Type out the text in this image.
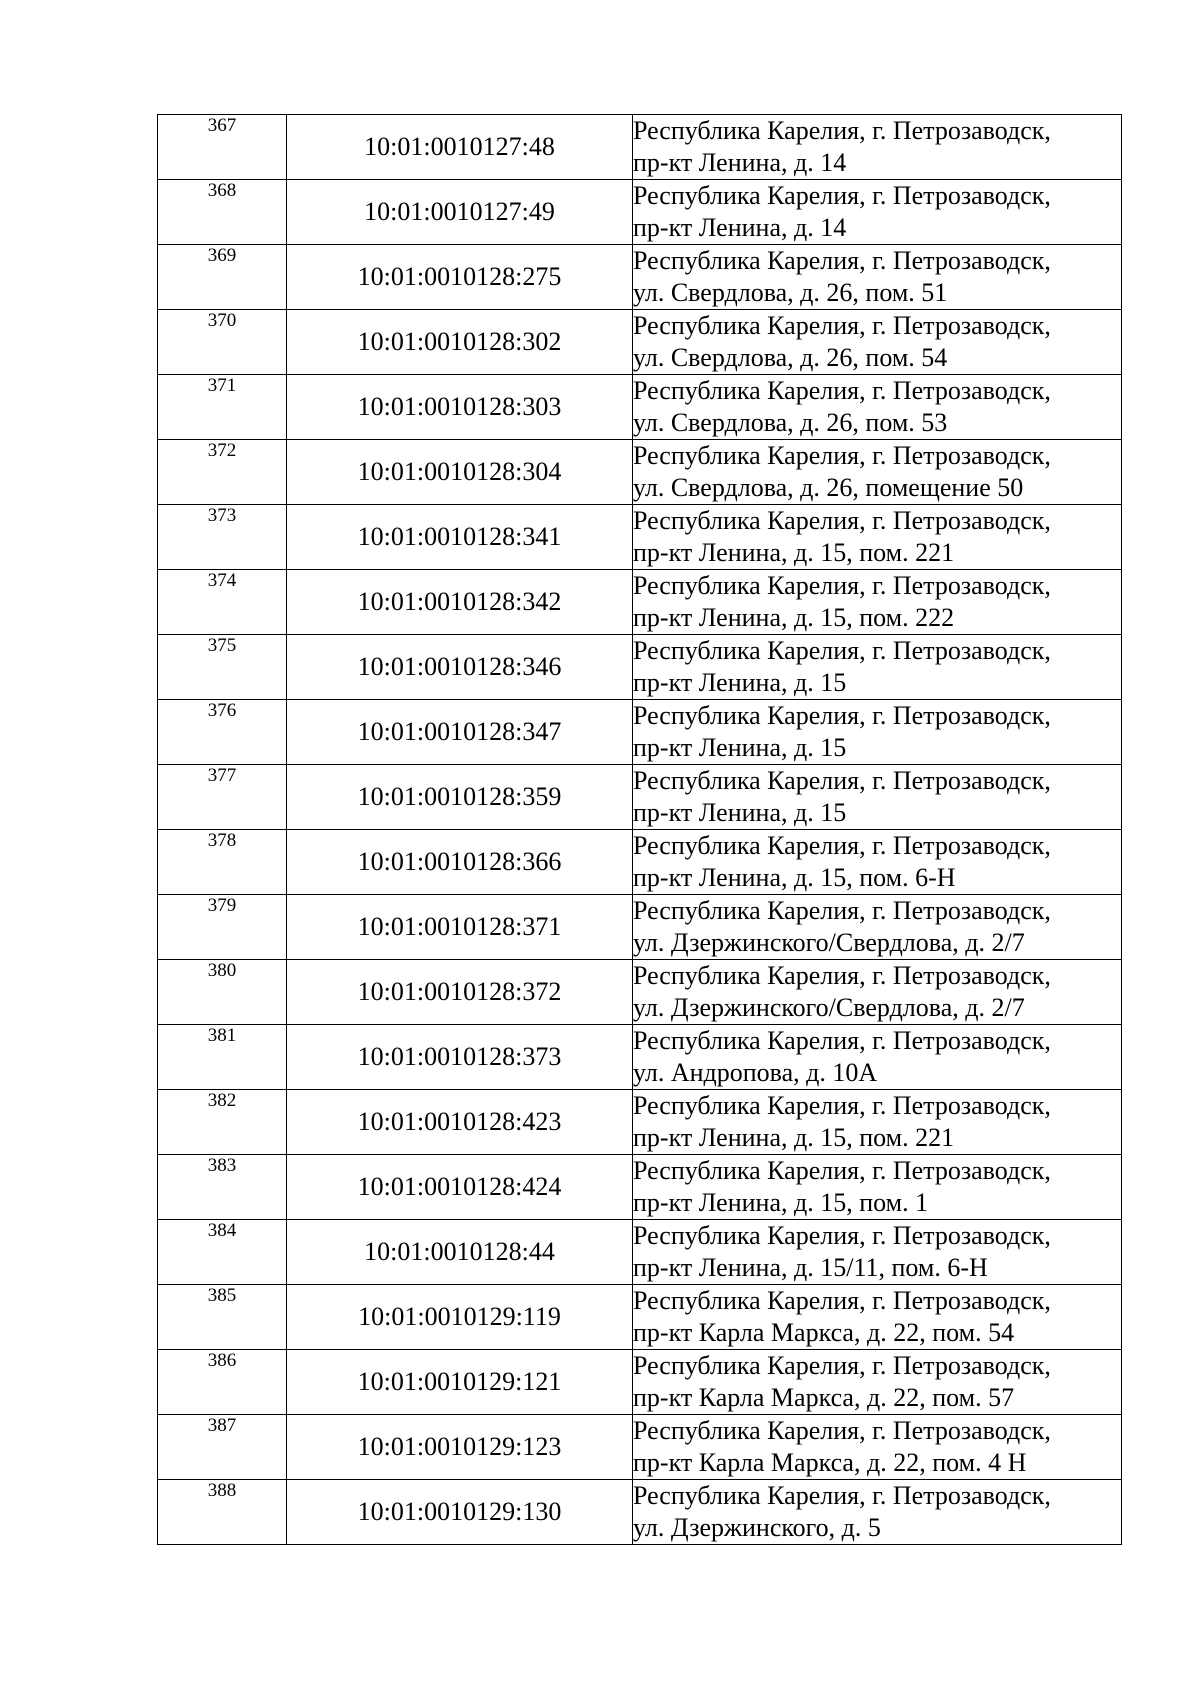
367	10:01:0010127:48	Республика Карелия, г. Петрозаводск,
пр-кт Ленина, д. 14

368	10:01:0010127:49	Республика Карелия, г. Петрозаводск,
пр-кт Ленина, д. 14

369	10:01:0010128:275	Республика Карелия, г. Петрозаводск,
ул. Свердлова, д. 26, пом. 51

370	10:01:0010128:302	Республика Карелия, г. Петрозаводск,
ул. Свердлова, д. 26, пом. 54

371	10:01:0010128:303	Республика Карелия, г. Петрозаводск,
ул. Свердлова, д. 26, пом. 53

372	10:01:0010128:304	Республика Карелия, г. Петрозаводск,
ул. Свердлова, д. 26, помещение 50

373	10:01:0010128:341	Республика Карелия, г. Петрозаводск,
пр-кт Ленина, д. 15, пом. 221

374	10:01:0010128:342	Республика Карелия, г. Петрозаводск,
пр-кт Ленина, д. 15, пом. 222

375	10:01:0010128:346	Республика Карелия, г. Петрозаводск,
пр-кт Ленина, д. 15

376	10:01:0010128:347	Республика Карелия, г. Петрозаводск,
пр-кт Ленина, д. 15

377	10:01:0010128:359	Республика Карелия, г. Петрозаводск,
пр-кт Ленина, д. 15

378	10:01:0010128:366	Республика Карелия, г. Петрозаводск,
пр-кт Ленина, д. 15, пом. 6-Н

379	10:01:0010128:371	Республика Карелия, г. Петрозаводск,
ул. Дзержинского/Свердлова, д. 2/7

380	10:01:0010128:372	Республика Карелия, г. Петрозаводск,
ул. Дзержинского/Свердлова, д. 2/7

381	10:01:0010128:373	Республика Карелия, г. Петрозаводск,
ул. Андропова, д. 10А

382	10:01:0010128:423	Республика Карелия, г. Петрозаводск,
пр-кт Ленина, д. 15, пом. 221

383	10:01:0010128:424	Республика Карелия, г. Петрозаводск,
пр-кт Ленина, д. 15, пом. 1

384	10:01:0010128:44	Республика Карелия, г. Петрозаводск,
пр-кт Ленина, д. 15/11, пом. 6-Н

385	10:01:0010129:119	Республика Карелия, г. Петрозаводск,
пр-кт Карла Маркса, д. 22, пом. 54

386	10:01:0010129:121	Республика Карелия, г. Петрозаводск,
пр-кт Карла Маркса, д. 22, пом. 57

387	10:01:0010129:123	Республика Карелия, г. Петрозаводск,
пр-кт Карла Маркса, д. 22, пом. 4 Н

388	10:01:0010129:130	Республика Карелия, г. Петрозаводск,
ул. Дзержинского, д. 5
